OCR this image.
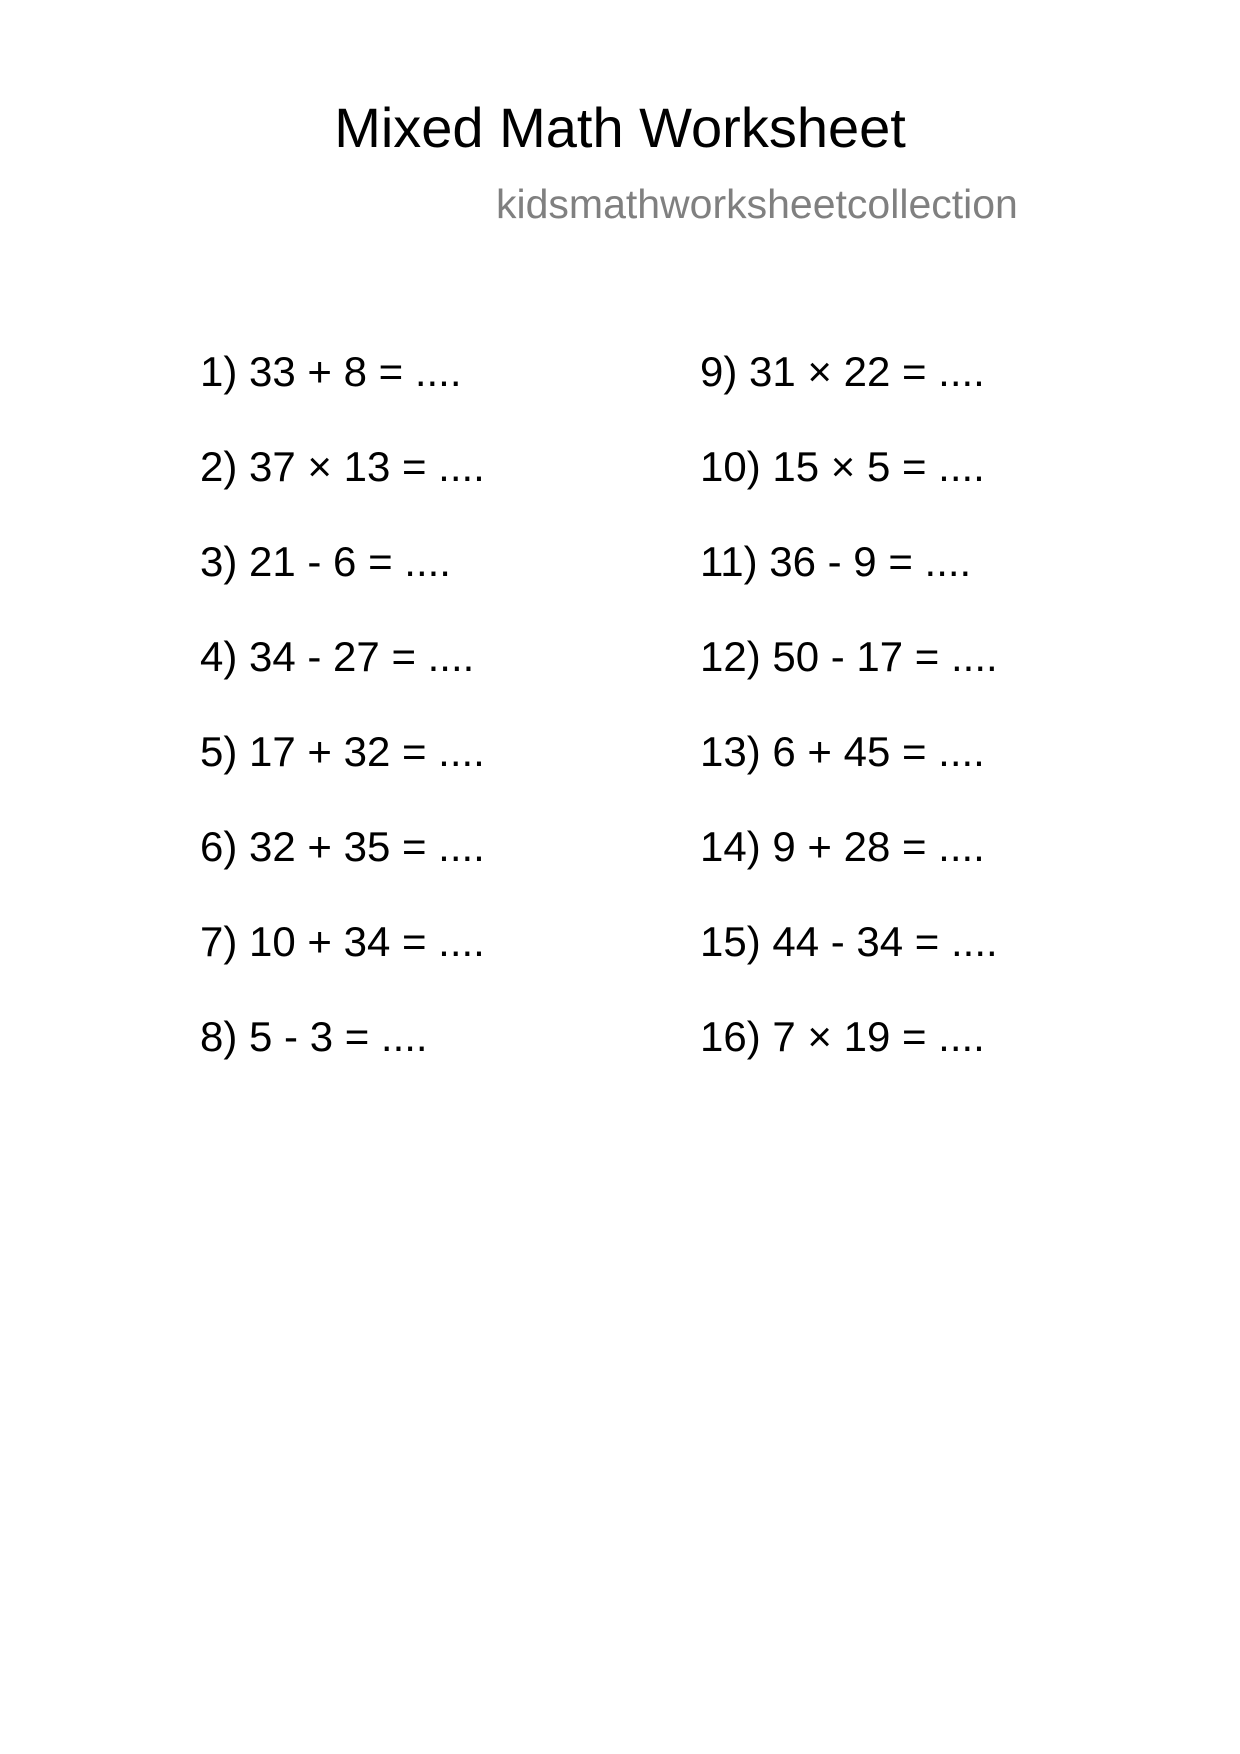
Mixed Math Worksheet
kidsmathworksheetcollection
1) 33 + 8 = ....
2) 37 × 13 = ....
3) 21 - 6 = ....
4) 34 - 27 = ....
5) 17 + 32 = ....
6) 32 + 35 = ....
7) 10 + 34 = ....
8) 5 - 3 = ....
9) 31 × 22 = ....
10) 15 × 5 = ....
11) 36 - 9 = ....
12) 50 - 17 = ....
13) 6 + 45 = ....
14) 9 + 28 = ....
15) 44 - 34 = ....
16) 7 × 19 = ....
